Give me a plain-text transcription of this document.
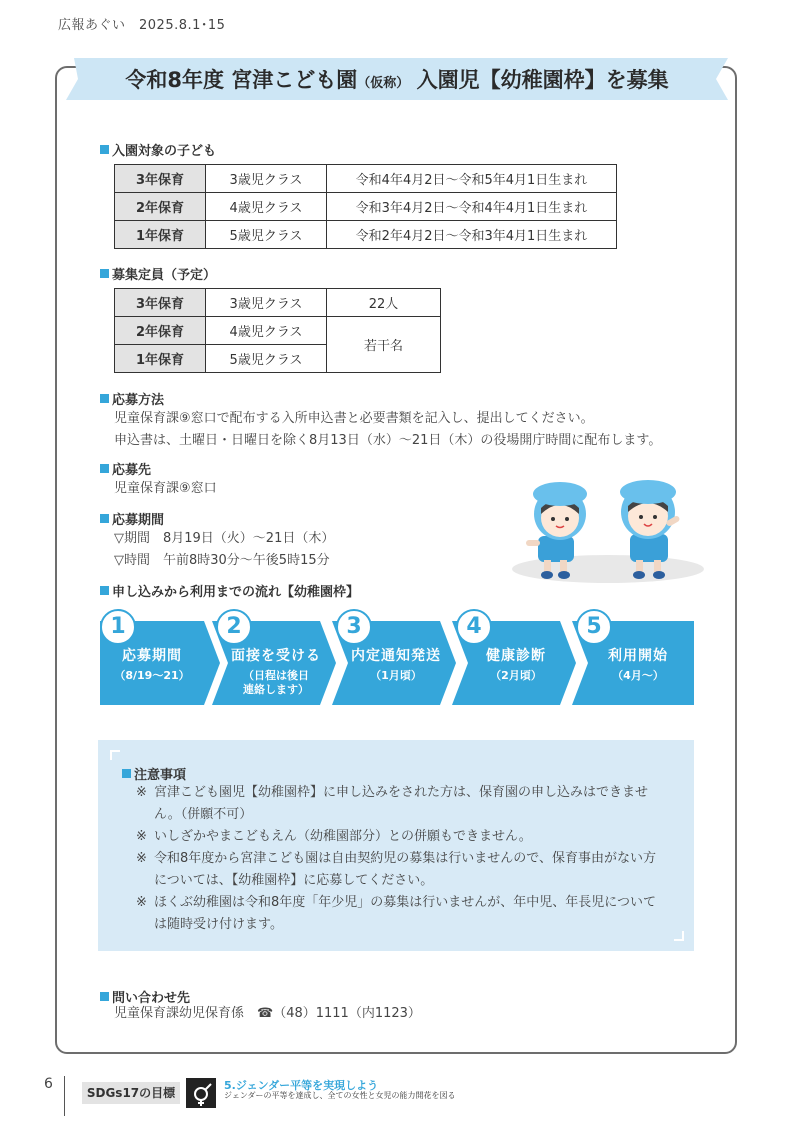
広報あぐい　2025.8.1･15
令和8年度 宮津こども園（仮称） 入園児【幼稚園枠】を募集
入園対象の子ども
3年保育	3歳児クラス	令和4年4月2日～令和5年4月1日生まれ
2年保育	4歳児クラス	令和3年4月2日～令和4年4月1日生まれ
1年保育	5歳児クラス	令和2年4月2日～令和3年4月1日生まれ
募集定員（予定）
3年保育	3歳児クラス	22人
2年保育	4歳児クラス	若干名
1年保育	5歳児クラス	
応募方法
児童保育課⑨窓口で配布する入所申込書と必要書類を記入し、提出してください。
申込書は、土曜日・日曜日を除く8月13日（水）～21日（木）の役場開庁時間に配布します。
応募先
児童保育課⑨窓口
応募期間
▽期間　8月19日（火）～21日（木）
▽時間　午前8時30分～午後5時15分
申し込みから利用までの流れ【幼稚園枠】
1
応募期間
（8/19～21）
2
面接を受ける
（日程は後日連絡します）
3
内定通知発送
（1月頃）
4
健康診断
（2月頃）
5
利用開始
（4月～）
注意事項
※ 宮津こども園児【幼稚園枠】に申し込みをされた方は、保育園の申し込みはできません。（併願不可）
※ いしざかやまこどもえん（幼稚園部分）との併願もできません。
※ 令和8年度から宮津こども園は自由契約児の募集は行いませんので、保育事由がない方については、【幼稚園枠】に応募してください。
※ ほくぶ幼稚園は令和8年度「年少児」の募集は行いませんが、年中児、年長児については随時受け付けます。
問い合わせ先
児童保育課幼児保育係　☎（48）1111（内1123）
6
SDGs17の目標
5.ジェンダー平等を実現しよう
ジェンダーの平等を達成し、全ての女性と女児の能力開花を図る
